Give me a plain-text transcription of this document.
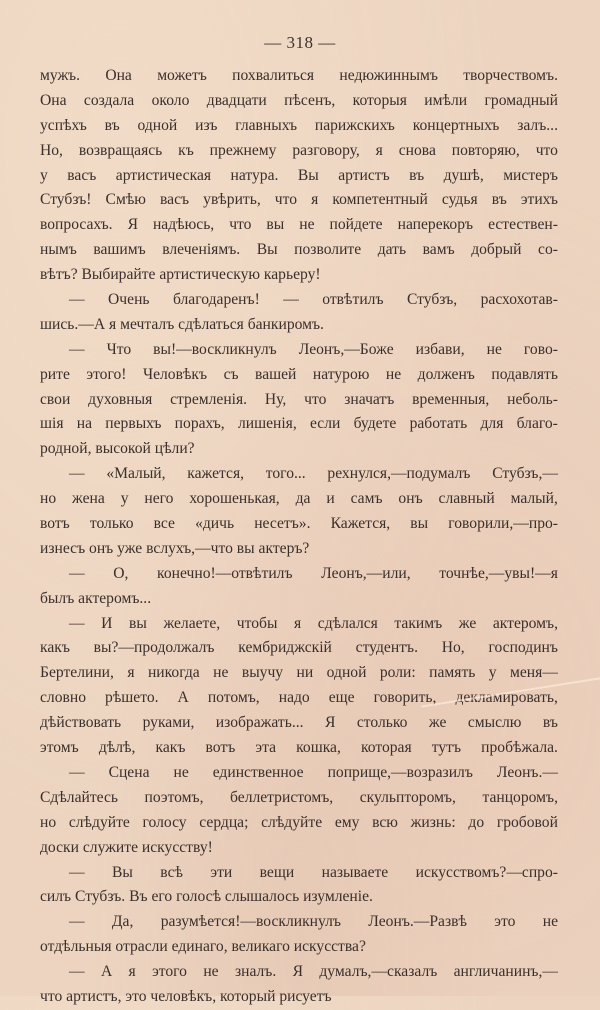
— 318 —
мужъ. Она можетъ похвалиться недюжиннымъ творчествомъ.
Она создала около двадцати пѣсенъ, которыя имѣли громадный
успѣхъ въ одной изъ главныхъ парижскихъ концертныхъ залъ...
Но, возвращаясь къ прежнему разговору, я снова повторяю, что
у васъ артистическая натура. Вы артистъ въ душѣ, мистеръ
Стубзъ! Смѣю васъ увѣрить, что я компетентный судья въ этихъ
вопросахъ. Я надѣюсь, что вы не пойдете наперекоръ естествен-
нымъ вашимъ влеченіямъ. Вы позволите дать вамъ добрый со-
вѣтъ? Выбирайте артистическую карьеру!
— Очень благодаренъ! — отвѣтилъ Стубзъ, расхохотав-
шись.—А я мечталъ сдѣлаться банкиромъ.
— Что вы!—воскликнулъ Леонъ,—Боже избави, не гово-
рите этого! Человѣкъ съ вашей натурою не долженъ подавлять
свои духовныя стремленія. Ну, что значатъ временныя, неболь-
шія на первыхъ порахъ, лишенія, если будете работать для благо-
родной, высокой цѣли?
— «Малый, кажется, того... рехнулся,—подумалъ Стубзъ,—
но жена у него хорошенькая, да и самъ онъ славный малый,
вотъ только все «дичь несетъ». Кажется, вы говорили,—про-
изнесъ онъ уже вслухъ,—что вы актеръ?
— О, конечно!—отвѣтилъ Леонъ,—или, точнѣе,—увы!—я
былъ актеромъ...
— И вы желаете, чтобы я сдѣлался такимъ же актеромъ,
какъ вы?—продолжалъ кембриджскій студентъ. Но, господинъ
Бертелини, я никогда не выучу ни одной роли: память у меня—
словно рѣшето. А потомъ, надо еще говорить, декламировать,
дѣйствовать руками, изображать... Я столько же смыслю въ
этомъ дѣлѣ, какъ вотъ эта кошка, которая тутъ пробѣжала.
— Сцена не единственное поприще,—возразилъ Леонъ.—
Сдѣлайтесь поэтомъ, беллетристомъ, скульпторомъ, танцоромъ,
но слѣдуйте голосу сердца; слѣдуйте ему всю жизнь: до гробовой
доски служите искусству!
— Вы всѣ эти вещи называете искусствомъ?—спро-
силъ Стубзъ. Въ его голосѣ слышалось изумленіе.
— Да, разумѣется!—воскликнулъ Леонъ.—Развѣ это не
отдѣльныя отрасли единаго, великаго искусства?
— А я этого не зналъ. Я думалъ,—сказалъ англичанинъ,—
что артистъ, это человѣкъ, который рисуетъ
